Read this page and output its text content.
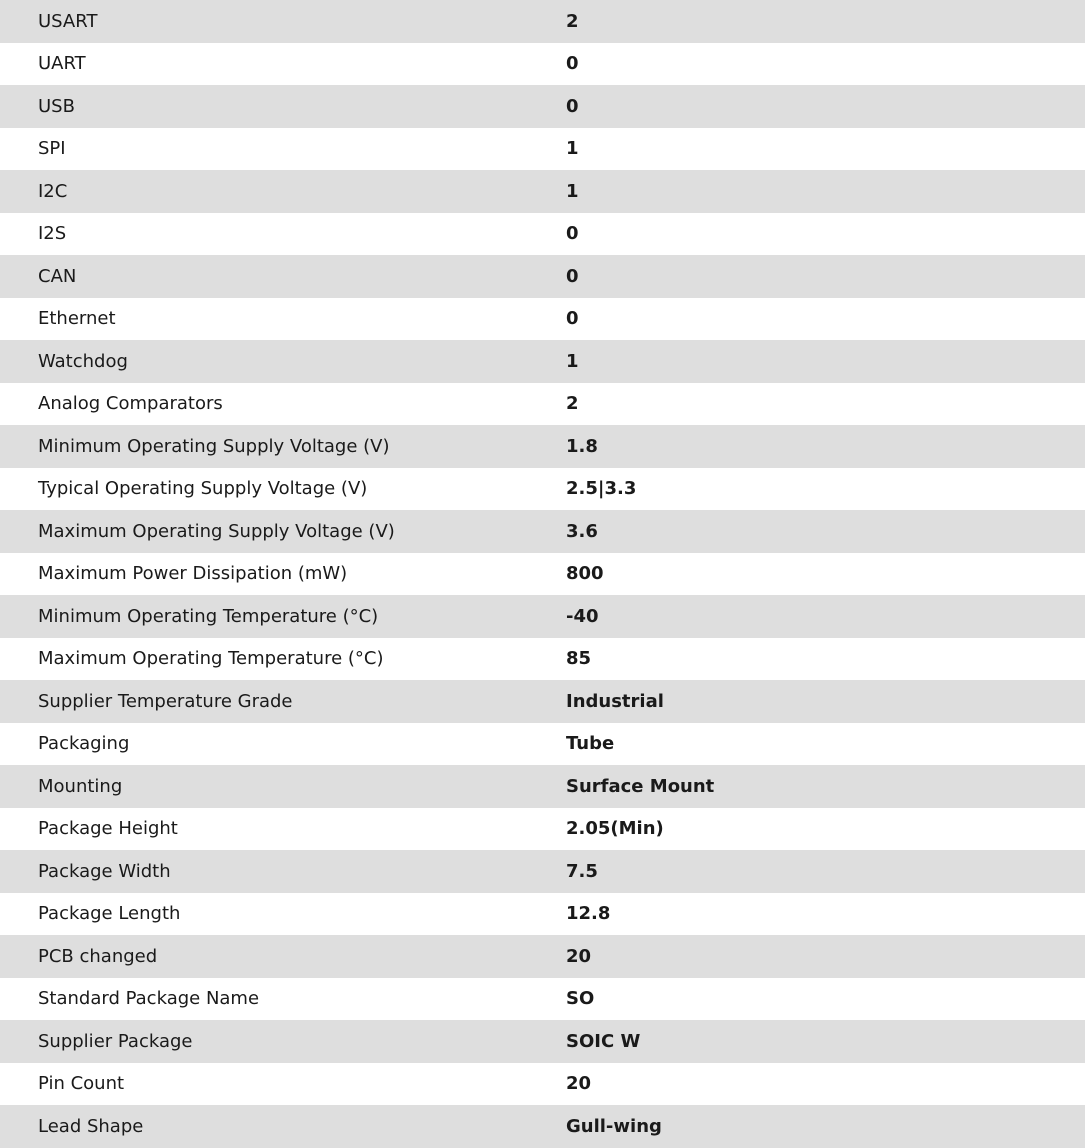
USART	2
UART	0
USB	0
SPI	1
I2C	1
I2S	0
CAN	0
Ethernet	0
Watchdog	1
Analog Comparators	2
Minimum Operating Supply Voltage (V)	1.8
Typical Operating Supply Voltage (V)	2.5|3.3
Maximum Operating Supply Voltage (V)	3.6
Maximum Power Dissipation (mW)	800
Minimum Operating Temperature (°C)	-40
Maximum Operating Temperature (°C)	85
Supplier Temperature Grade	Industrial
Packaging	Tube
Mounting	Surface Mount
Package Height	2.05(Min)
Package Width	7.5
Package Length	12.8
PCB changed	20
Standard Package Name	SO
Supplier Package	SOIC W
Pin Count	20
Lead Shape	Gull-wing
